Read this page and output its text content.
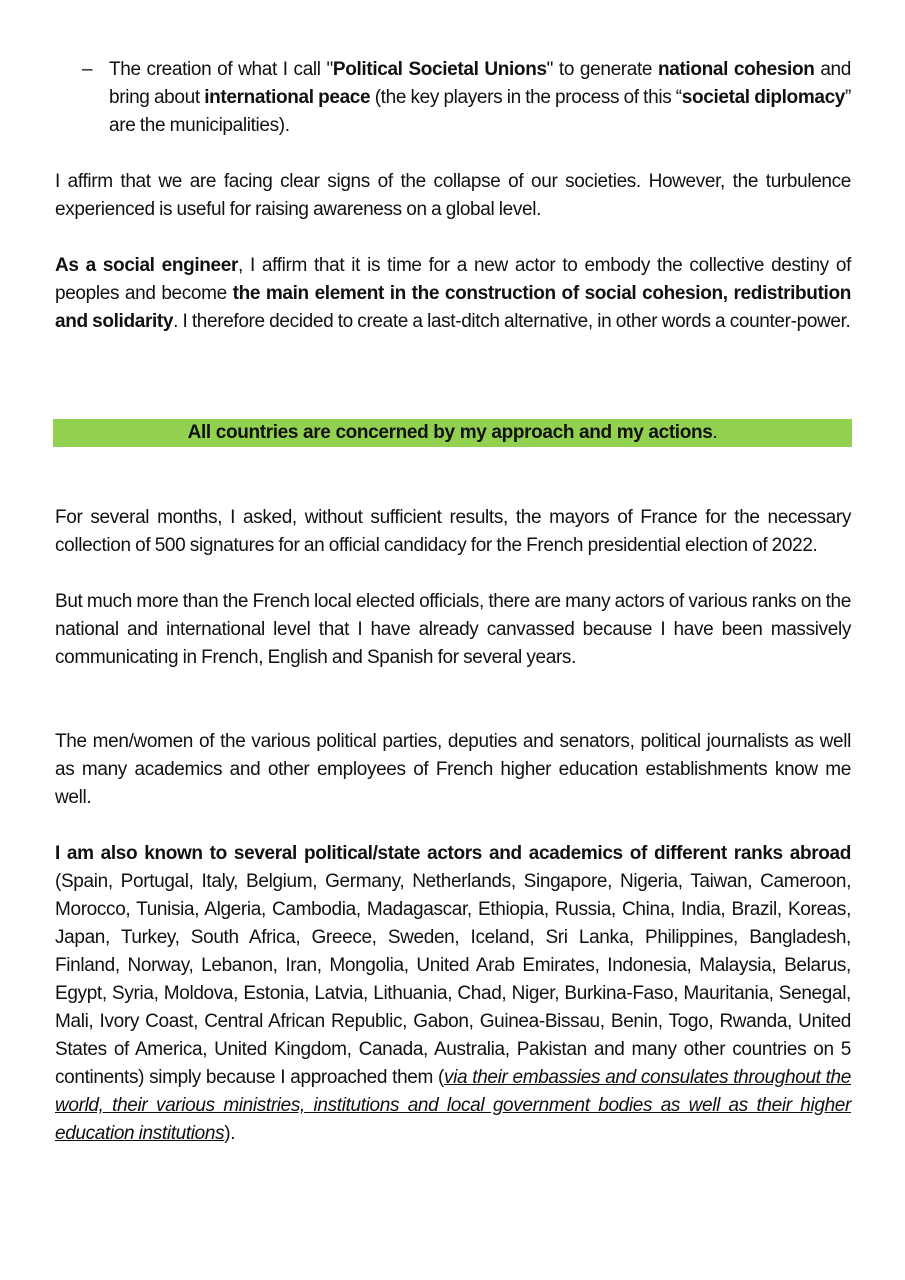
– The creation of what I call "Political Societal Unions" to generate national cohesion and bring about international peace (the key players in the process of this “societal diplomacy” are the municipalities).

I affirm that we are facing clear signs of the collapse of our societies. However, the turbulence experienced is useful for raising awareness on a global level.

As a social engineer, I affirm that it is time for a new actor to embody the collective destiny of peoples and become the main element in the construction of social cohesion, redistribution and solidarity. I therefore decided to create a last-ditch alternative, in other words a counter-power.

All countries are concerned by my approach and my actions.

For several months, I asked, without sufficient results, the mayors of France for the necessary collection of 500 signatures for an official candidacy for the French presidential election of 2022.

But much more than the French local elected officials, there are many actors of various ranks on the national and international level that I have already canvassed because I have been massively communicating in French, English and Spanish for several years.

The men/women of the various political parties, deputies and senators, political journalists as well as many academics and other employees of French higher education establishments know me well.

I am also known to several political/state actors and academics of different ranks abroad (Spain, Portugal, Italy, Belgium, Germany, Netherlands, Singapore, Nigeria, Taiwan, Cameroon, Morocco, Tunisia, Algeria, Cambodia, Madagascar, Ethiopia, Russia, China, India, Brazil, Koreas, Japan, Turkey, South Africa, Greece, Sweden, Iceland, Sri Lanka, Philippines, Bangladesh, Finland, Norway, Lebanon, Iran, Mongolia, United Arab Emirates, Indonesia, Malaysia, Belarus, Egypt, Syria, Moldova, Estonia, Latvia, Lithuania, Chad, Niger, Burkina-Faso, Mauritania, Senegal, Mali, Ivory Coast, Central African Republic, Gabon, Guinea-Bissau, Benin, Togo, Rwanda, United States of America, United Kingdom, Canada, Australia, Pakistan and many other countries on 5 continents) simply because I approached them (via their embassies and consulates throughout the world, their various ministries, institutions and local government bodies as well as their higher education institutions).
